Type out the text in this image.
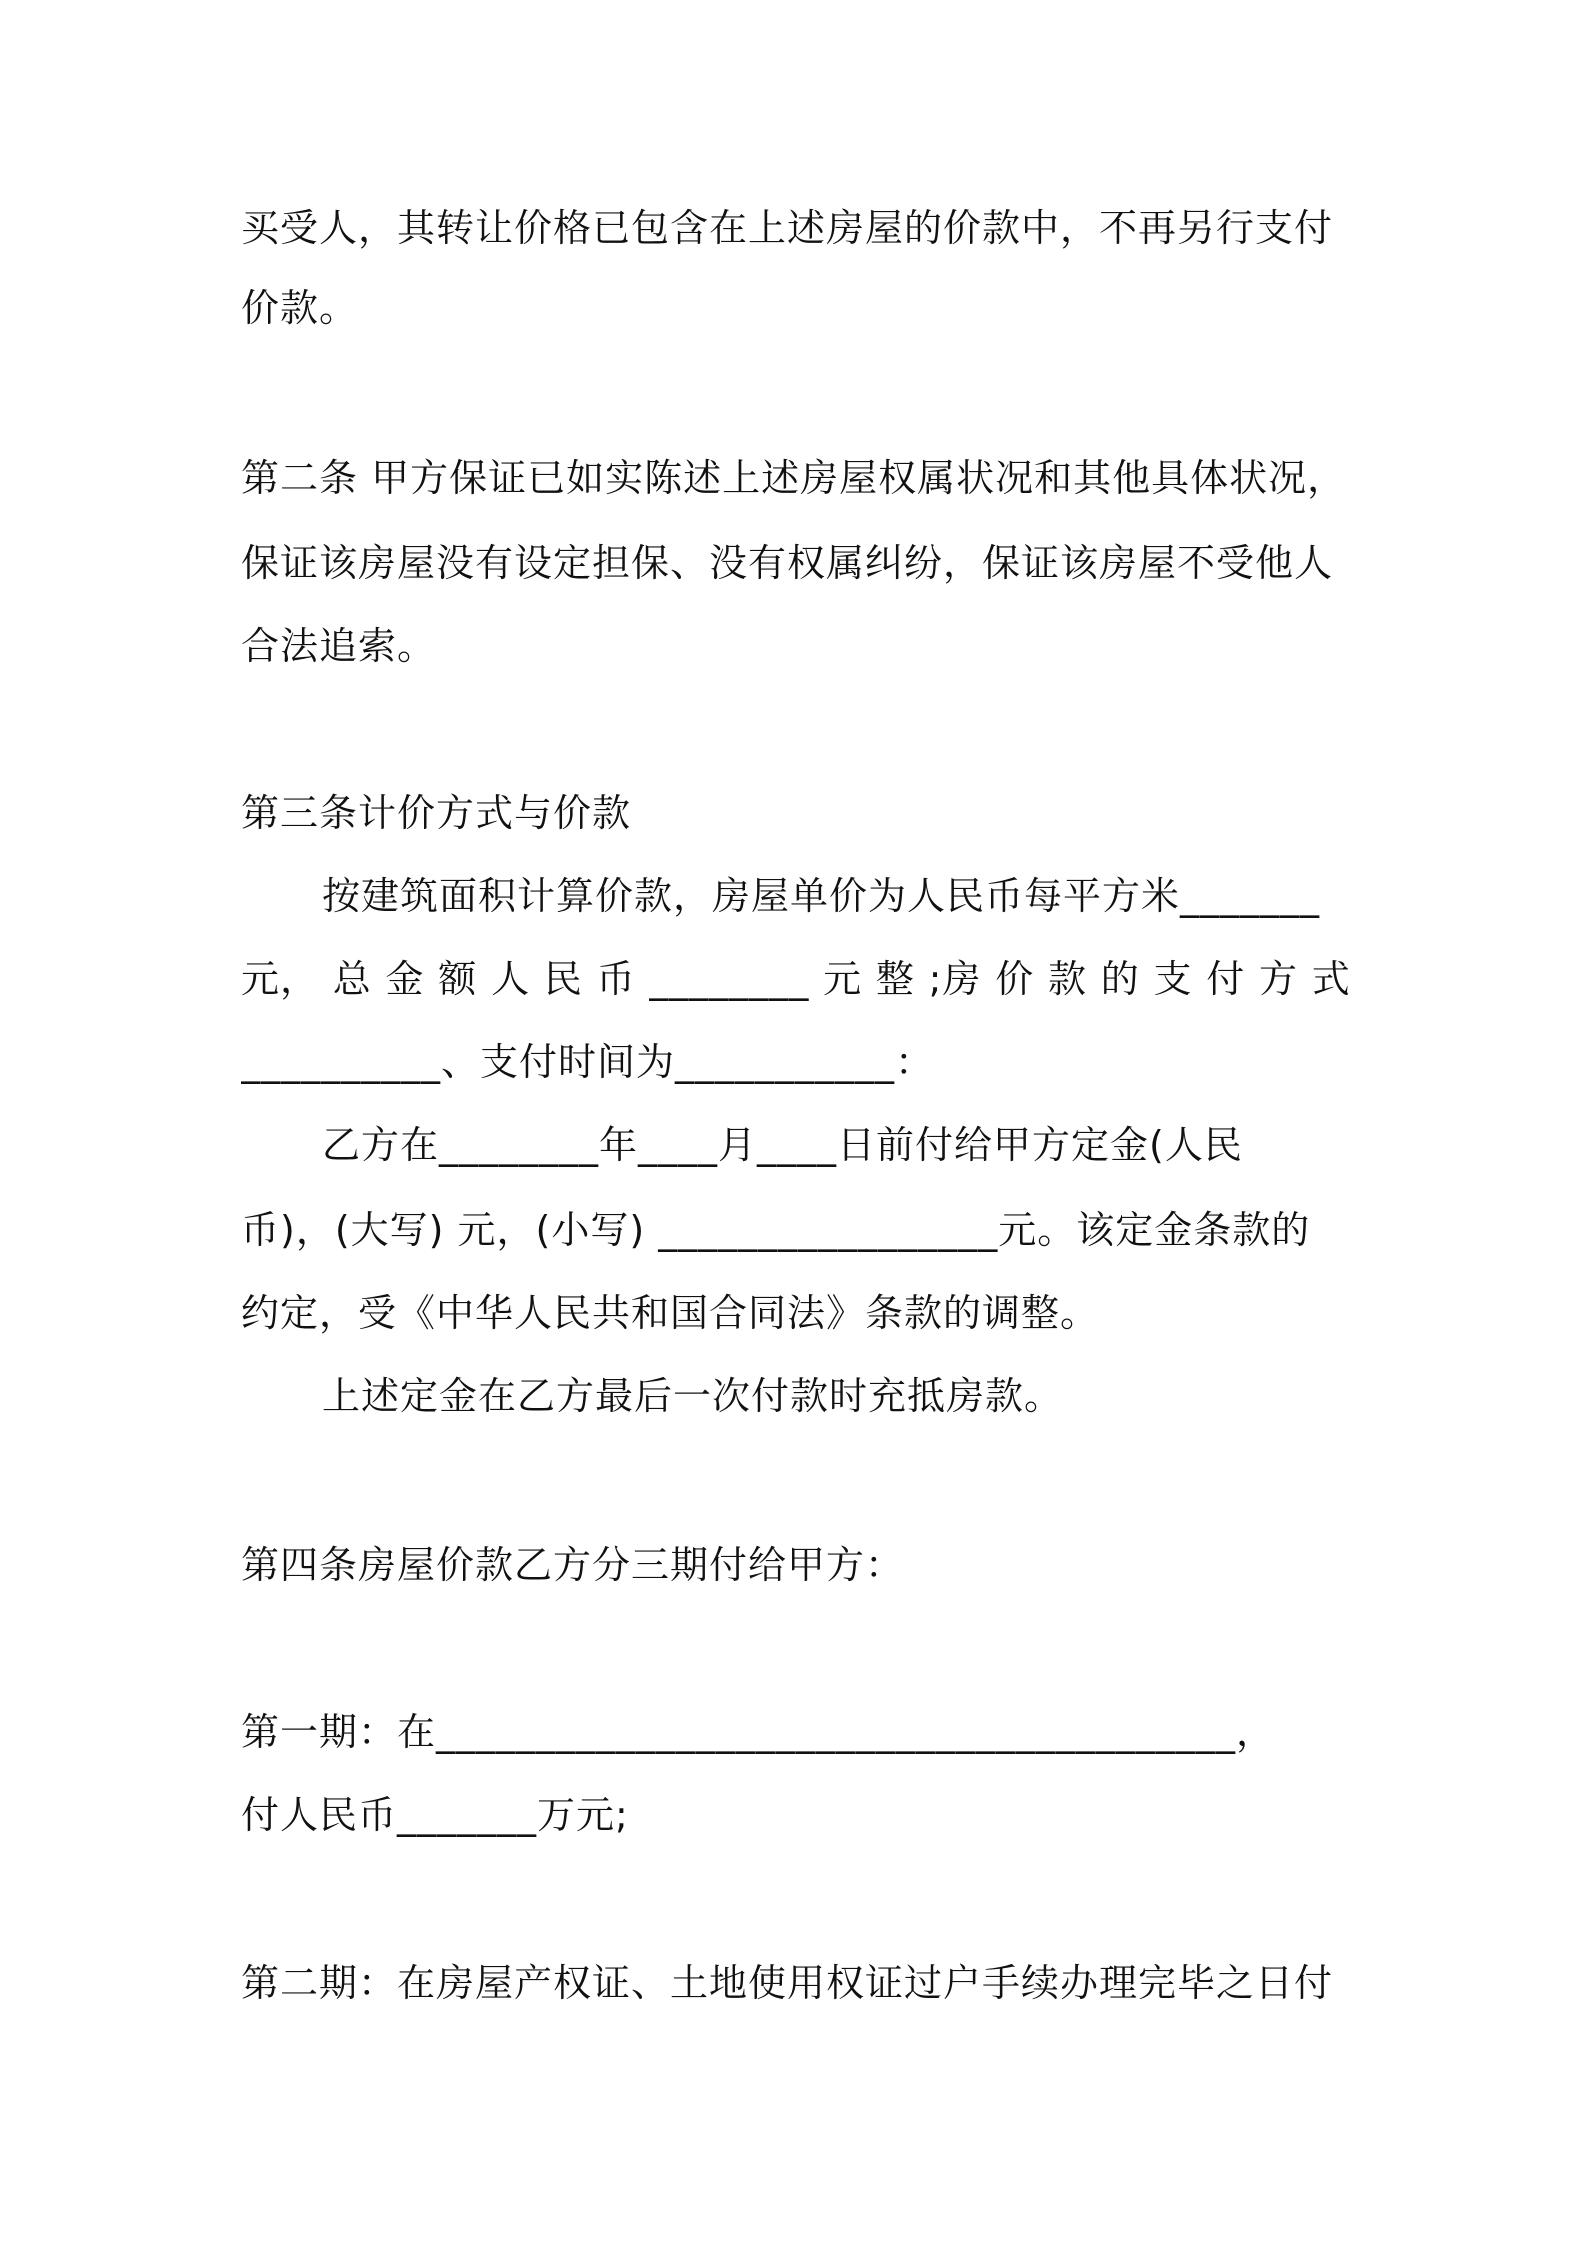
买受人，其转让价格已包含在上述房屋的价款中，不再另行支付
价款。
第二条 甲方保证已如实陈述上述房屋权属状况和其他具体状况，
保证该房屋没有设定担保、没有权属纠纷，保证该房屋不受他人
合法追索。
第三条计价方式与价款
按建筑面积计算价款，房屋单价为人民币每平方米_______
元， 总 金 额 人 民 币 ________ 元 整 ;房 价 款 的 支 付 方 式
__________、支付时间为___________：
乙方在________年____月____日前付给甲方定金(人民
币)，(大写) 元，(小写) _________________元。该定金条款的
约定，受《中华人民共和国合同法》条款的调整。
上述定金在乙方最后一次付款时充抵房款。
第四条房屋价款乙方分三期付给甲方：
第一期：在________________________________________，
付人民币_______万元;
第二期：在房屋产权证、土地使用权证过户手续办理完毕之日付
